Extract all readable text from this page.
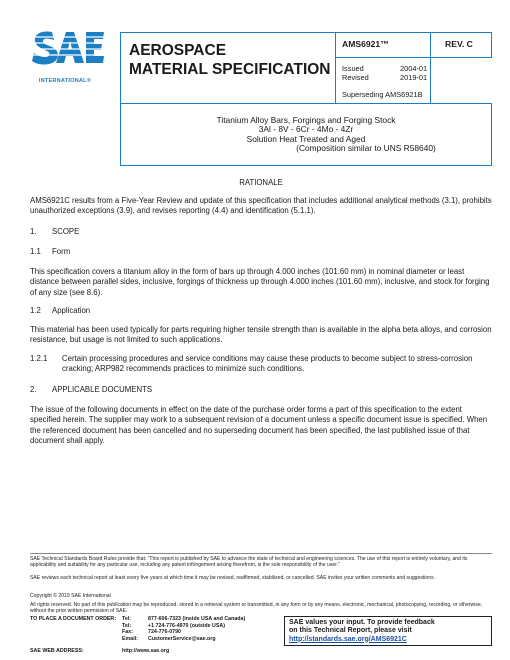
INTERNATIONAL®
AEROSPACE
MATERIAL SPECIFICATION
AMS6921™	REV. C
Issued	2004-01
Revised	2019-01
Superseding AMS6921B
Titanium Alloy Bars, Forgings and Forging Stock
3Al - 8V - 6Cr - 4Mo - 4Zr
Solution Heat Treated and Aged
(Composition similar to UNS R58640)
RATIONALE
AMS6921C results from a Five-Year Review and update of this specification that includes additional analytical methods (3.1), prohibits unauthorized exceptions (3.9), and revises reporting (4.4) and identification (5.1.1).
1. SCOPE
1.1 Form
This specification covers a titanium alloy in the form of bars up through 4.000 inches (101.60 mm) in nominal diameter or least distance between parallel sides, inclusive, forgings of thickness up through 4.000 inches (101.60 mm), inclusive, and stock for forging of any size (see 8.6).
1.2 Application
This material has been used typically for parts requiring higher tensile strength than is available in the alpha beta alloys, and corrosion resistance, but usage is not limited to such applications.
1.2.1	Certain processing procedures and service conditions may cause these products to become subject to stress-corrosion cracking; ARP982 recommends practices to minimize such conditions.
2. APPLICABLE DOCUMENTS
The issue of the following documents in effect on the date of the purchase order forms a part of this specification to the extent specified herein. The supplier may work to a subsequent revision of a document unless a specific document issue is specified. When the referenced document has been cancelled and no superseding document has been specified, the last published issue of that document shall apply.
SAE Technical Standards Board Rules provide that: “This report is published by SAE to advance the state of technical and engineering sciences. The use of this report is entirely voluntary, and its applicability and suitability for any particular use, including any patent infringement arising therefrom, is the sole responsibility of the user.”
SAE reviews each technical report at least every five years at which time it may be revised, reaffirmed, stabilized, or cancelled. SAE invites your written comments and suggestions.
Copyright © 2019 SAE International
All rights reserved. No part of this publication may be reproduced, stored in a retrieval system or transmitted, in any form or by any means, electronic, mechanical, photocopying, recording, or otherwise, without the prior written permission of SAE.
TO PLACE A DOCUMENT ORDER: Tel:	877-606-7323 (inside USA and Canada)
Tel:	+1 724-776-4970 (outside USA)
Fax:	724-776-0790
Email: CustomerService@sae.org
SAE WEB ADDRESS:	http://www.sae.org
SAE values your input. To provide feedback
on this Technical Report, please visit
http://standards.sae.org/AMS6921C
